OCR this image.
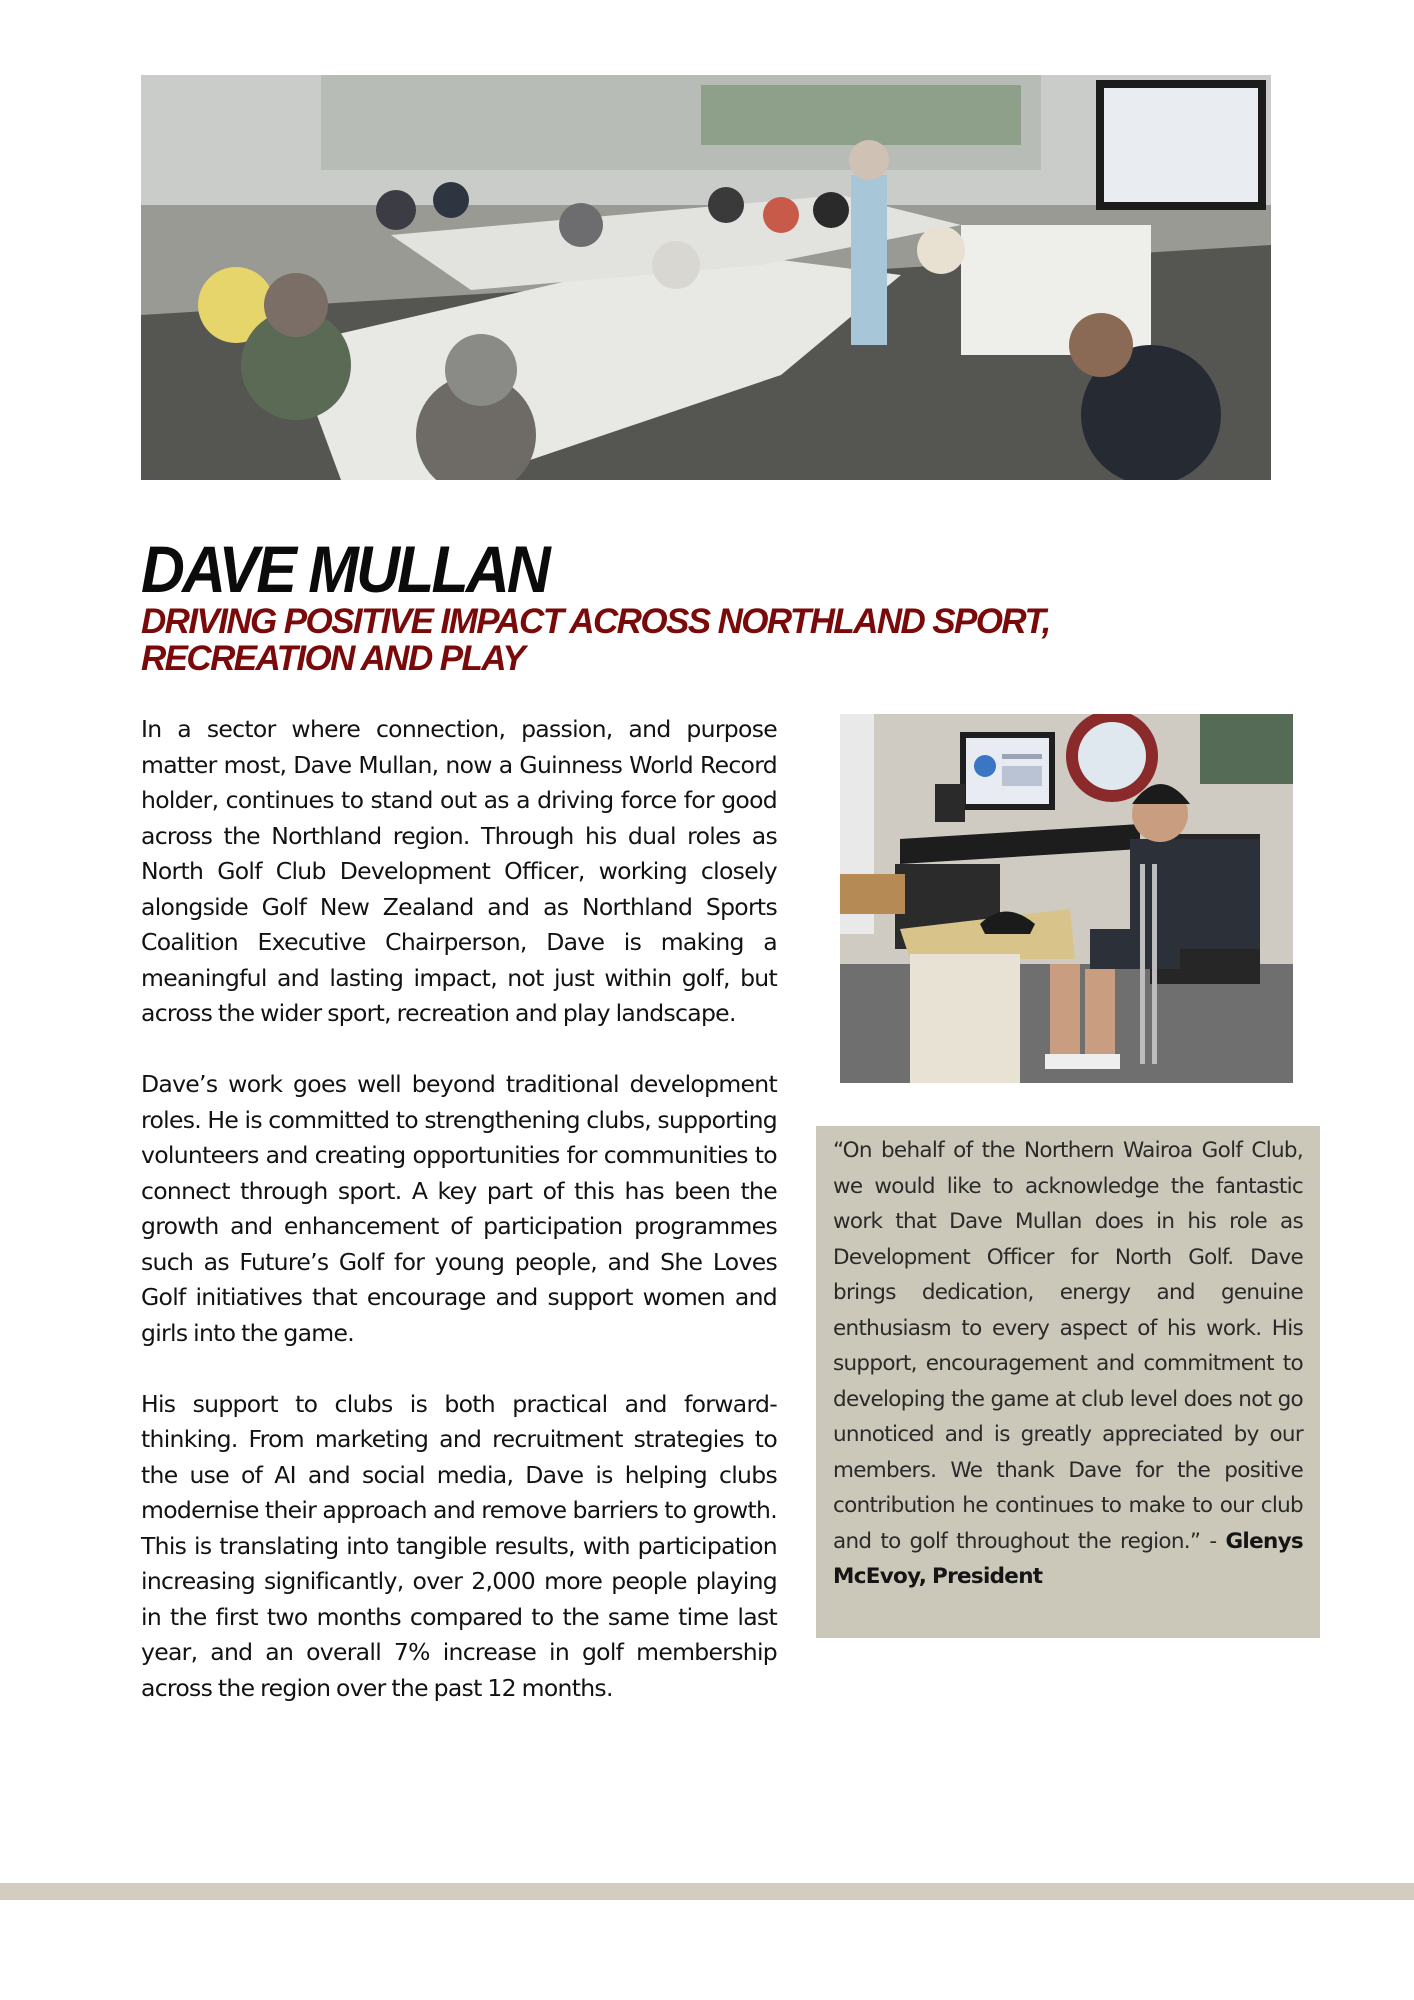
DAVE MULLAN
DRIVING POSITIVE IMPACT ACROSS NORTHLAND SPORT, RECREATION AND PLAY

In a sector where connection, passion, and purpose matter most, Dave Mullan, now a Guinness World Record holder, continues to stand out as a driving force for good across the Northland region. Through his dual roles as North Golf Club Development Officer, working closely alongside Golf New Zealand and as Northland Sports Coalition Executive Chairperson, Dave is making a meaningful and lasting impact, not just within golf, but across the wider sport, recreation and play landscape.

Dave’s work goes well beyond traditional development roles. He is committed to strengthening clubs, supporting volunteers and creating opportunities for communities to connect through sport. A key part of this has been the growth and enhancement of participation programmes such as Future’s Golf for young people, and She Loves Golf initiatives that encourage and support women and girls into the game.

His support to clubs is both practical and forward-thinking. From marketing and recruitment strategies to the use of AI and social media, Dave is helping clubs modernise their approach and remove barriers to growth. This is translating into tangible results, with participation increasing significantly, over 2,000 more people playing in the first two months compared to the same time last year, and an overall 7% increase in golf membership across the region over the past 12 months.

“On behalf of the Northern Wairoa Golf Club, we would like to acknowledge the fantastic work that Dave Mullan does in his role as Development Officer for North Golf. Dave brings dedication, energy and genuine enthusiasm to every aspect of his work. His support, encouragement and commitment to developing the game at club level does not go unnoticed and is greatly appreciated by our members. We thank Dave for the positive contribution he continues to make to our club and to golf throughout the region.” - Glenys McEvoy, President
